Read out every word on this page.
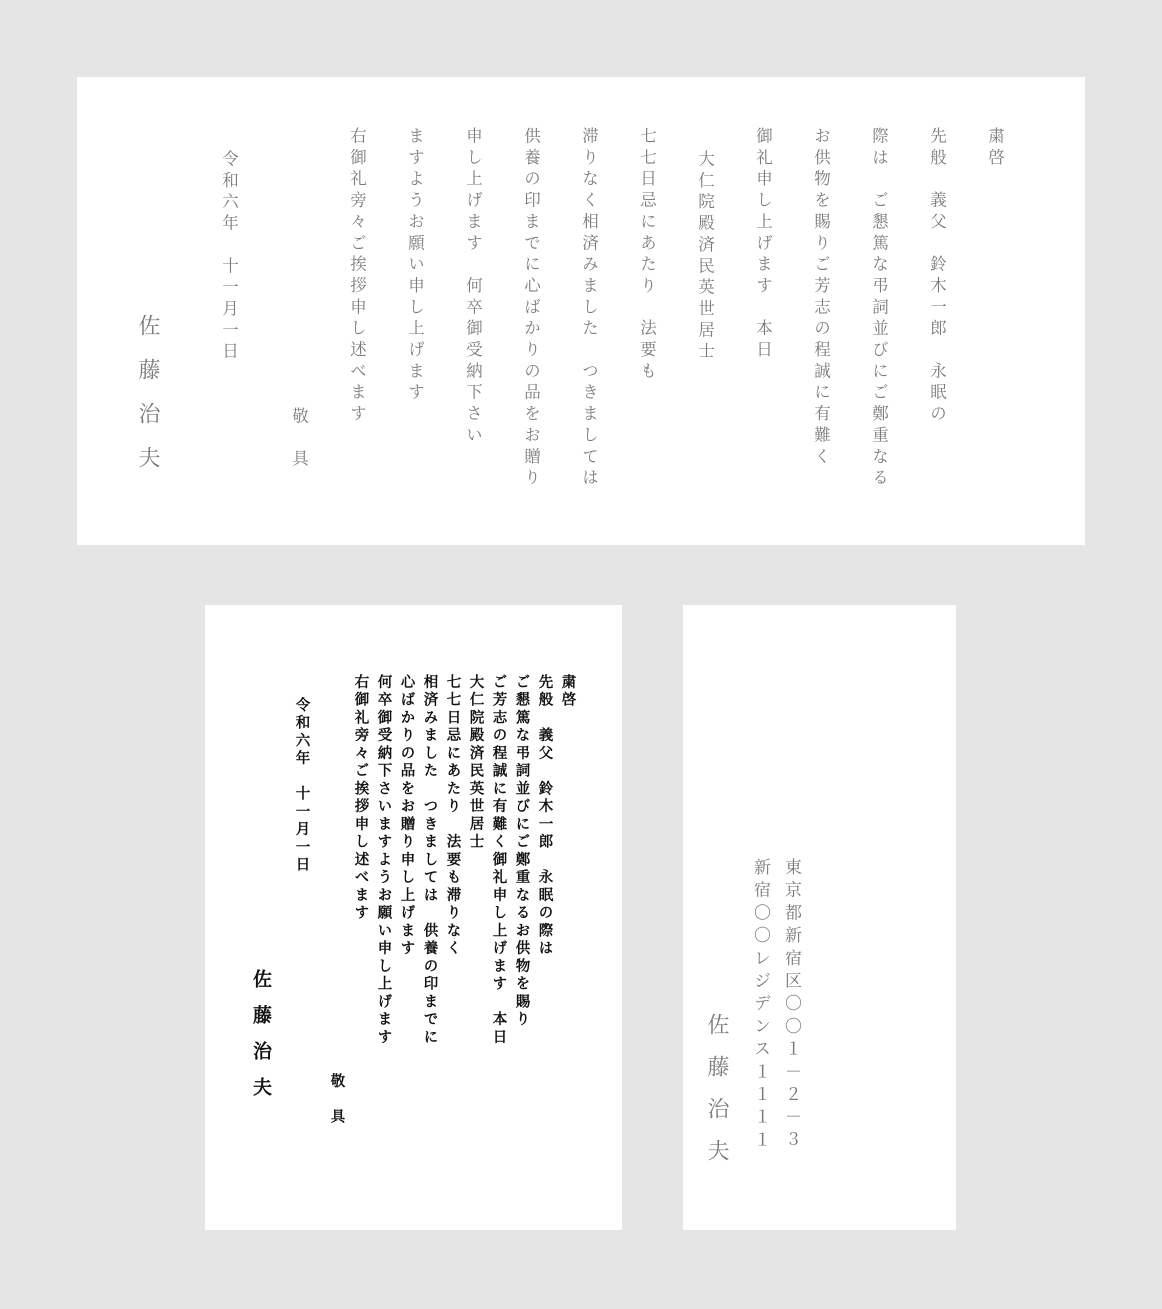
粛啓
先般　義父　鈴木一郎　永眠の
際は　ご懇篤な弔詞並びにご鄭重なる
お供物を賜りご芳志の程誠に有難く
御礼申し上げます　本日
大仁院殿済民英世居士
七七日忌にあたり　法要も
滞りなく相済みました　つきましては
供養の印までに心ばかりの品をお贈り
申し上げます　何卒御受納下さい
ますようお願い申し上げます
右御礼旁々ご挨拶申し述べます
敬　具
令和六年　十一月一日
佐藤治夫
粛啓
先般　義父　鈴木一郎　永眠の際は
ご懇篤な弔詞並びにご鄭重なるお供物を賜り
ご芳志の程誠に有難く御礼申し上げます　本日
大仁院殿済民英世居士
七七日忌にあたり　法要も滞りなく
相済みました　つきましては　供養の印までに
心ばかりの品をお贈り申し上げます
何卒御受納下さいますようお願い申し上げます
右御礼旁々ご挨拶申し述べます
敬　具
令和六年　十一月一日
佐藤治夫	東京都新宿区〇〇１－２－３
新宿〇〇レジデンス１１１１
佐藤治夫
